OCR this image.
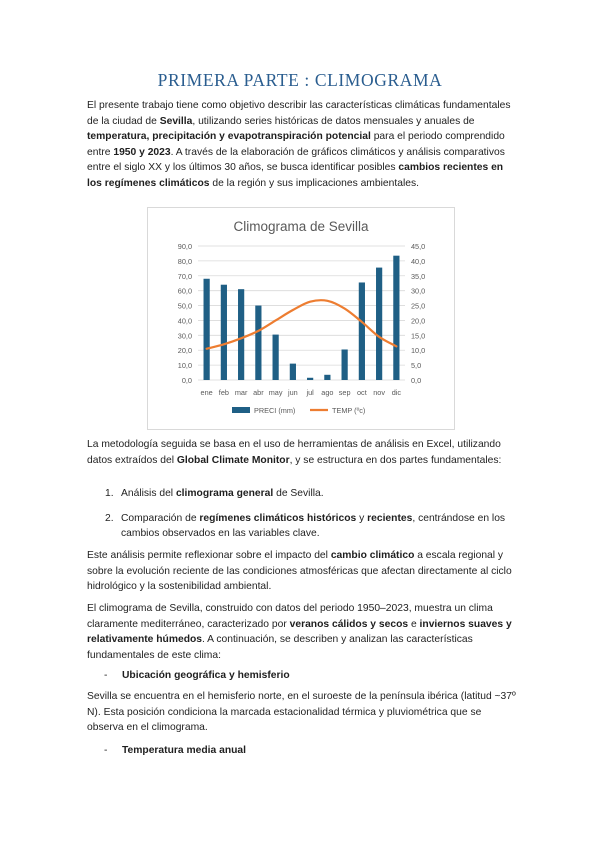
PRIMERA PARTE : CLIMOGRAMA

El presente trabajo tiene como objetivo describir las características climáticas fundamentales de la ciudad de Sevilla, utilizando series históricas de datos mensuales y anuales de temperatura, precipitación y evapotranspiración potencial para el periodo comprendido entre 1950 y 2023. A través de la elaboración de gráficos climáticos y análisis comparativos entre el siglo XX y los últimos 30 años, se busca identificar posibles cambios recientes en los regímenes climáticos de la región y sus implicaciones ambientales.

Climograma de Sevilla
0,0	0,0
10,0	5,0
20,0	10,0
30,0	15,0
40,0	20,0
50,0	25,0
60,0	30,0
70,0	35,0
80,0	40,0
90,0	45,0
ene feb mar abr may jun jul ago sep oct nov dic
PRECI (mm)	TEMP (ºc)

La metodología seguida se basa en el uso de herramientas de análisis en Excel, utilizando datos extraídos del Global Climate Monitor, y se estructura en dos partes fundamentales:

1. Análisis del climograma general de Sevilla.
2. Comparación de regímenes climáticos históricos y recientes, centrándose en los cambios observados en las variables clave.

Este análisis permite reflexionar sobre el impacto del cambio climático a escala regional y sobre la evolución reciente de las condiciones atmosféricas que afectan directamente al ciclo hidrológico y la sostenibilidad ambiental.

El climograma de Sevilla, construido con datos del periodo 1950–2023, muestra un clima claramente mediterráneo, caracterizado por veranos cálidos y secos e inviernos suaves y relativamente húmedos. A continuación, se describen y analizan las características fundamentales de este clima:

- Ubicación geográfica y hemisferio

Sevilla se encuentra en el hemisferio norte, en el suroeste de la península ibérica (latitud ~37º N). Esta posición condiciona la marcada estacionalidad térmica y pluviométrica que se observa en el climograma.

- Temperatura media anual
